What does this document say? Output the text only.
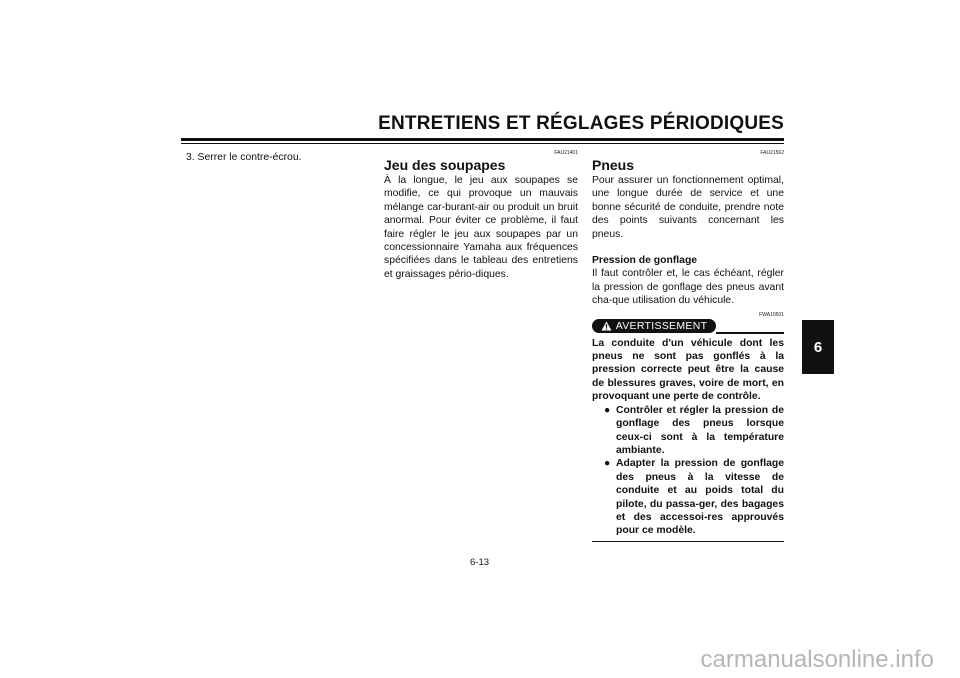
ENTRETIENS ET RÉGLAGES PÉRIODIQUES
6

3. Serrer le contre-écrou.	FAU21401
Jeu des soupapes

À la longue, le jeu aux soupapes se modifie, ce qui provoque un mauvais mélange car-burant-air ou produit un bruit anormal. Pour éviter ce problème, il faut faire régler le jeu aux soupapes par un concessionnaire Yamaha aux fréquences spécifiées dans le tableau des entretiens et graissages pério-diques.

FAU21562
Pneus

Pour assurer un fonctionnement optimal, une longue durée de service et une bonne sécurité de conduite, prendre note des points suivants concernant les pneus.

Pression de gonflage

Il faut contrôler et, le cas échéant, régler la pression de gonflage des pneus avant cha-que utilisation du véhicule.

FWA10501
AVERTISSEMENT

La conduite d'un véhicule dont les pneus ne sont pas gonflés à la pression correcte peut être la cause de blessures graves, voire de mort, en provoquant une perte de contrôle.

● Contrôler et régler la pression de gonflage des pneus lorsque ceux-ci sont à la température ambiante.
● Adapter la pression de gonflage des pneus à la vitesse de conduite et au poids total du pilote, du passa-ger, des bagages et des accessoi-res approuvés pour ce modèle.
6-13
carmanualsonline.info
